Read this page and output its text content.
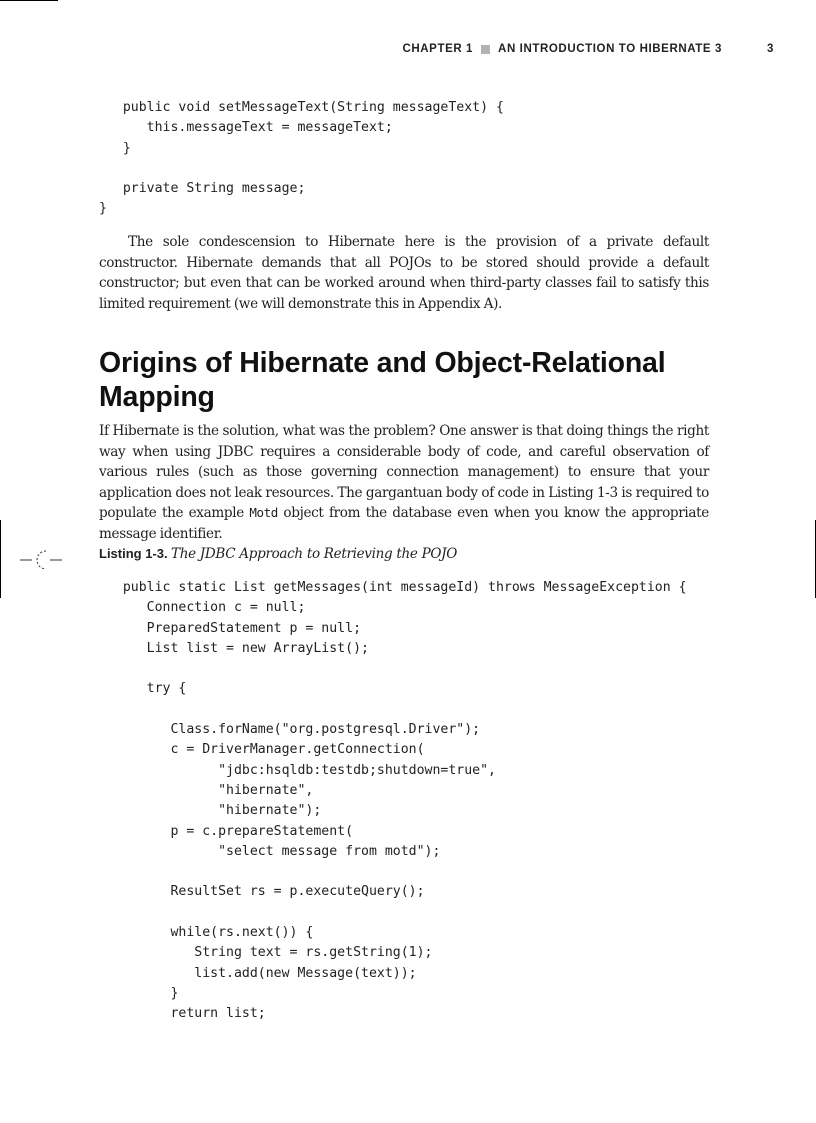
CHAPTER 1 AN INTRODUCTION TO HIBERNATE 3	3
public void setMessageText(String messageText) {
this.messageText = messageText;
}

private String message;
}

The sole condescension to Hibernate here is the provision of a private default constructor. Hibernate demands that all POJOs to be stored should provide a default constructor; but even that can be worked around when third-party classes fail to satisfy this limited requirement (we will demonstrate this in Appendix A).

Origins of Hibernate and Object-Relational Mapping

If Hibernate is the solution, what was the problem? One answer is that doing things the right way when using JDBC requires a considerable body of code, and careful observation of various rules (such as those governing connection management) to ensure that your application does not leak resources. The gargantuan body of code in Listing 1-3 is required to populate the example Motd object from the database even when you know the appropriate message identifier.

Listing 1-3. The JDBC Approach to Retrieving the POJO
public static List getMessages(int messageId) throws MessageException {
Connection c = null;
PreparedStatement p = null;
List list = new ArrayList();

try {

Class.forName("org.postgresql.Driver");
c = DriverManager.getConnection(
"jdbc:hsqldb:testdb;shutdown=true",
"hibernate",
"hibernate");
p = c.prepareStatement(
"select message from motd");

ResultSet rs = p.executeQuery();

while(rs.next()) {
String text = rs.getString(1);
list.add(new Message(text));
}
return list;
